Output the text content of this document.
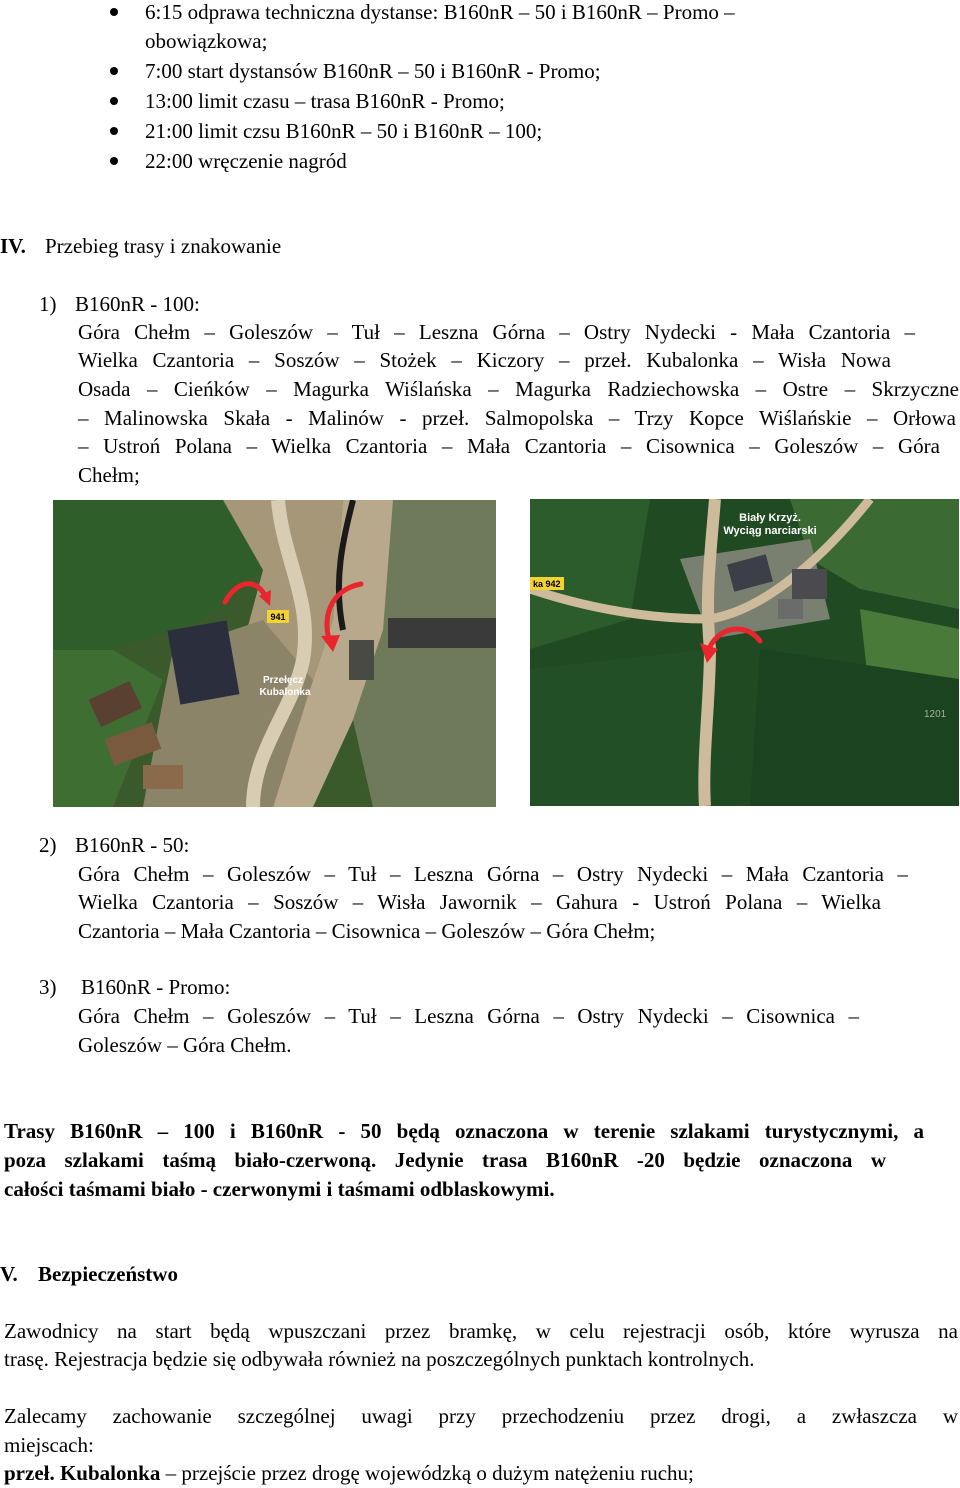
6:15 odprawa techniczna dystanse: B160nR – 50 i B160nR – Promo –
obowiązkowa;
7:00 start dystansów B160nR – 50 i B160nR - Promo;
13:00 limit czasu – trasa B160nR - Promo;
21:00 limit czsu B160nR – 50 i B160nR – 100;
22:00 wręczenie nagród
IV. Przebieg trasy i znakowanie
1) B160nR - 100:
Góra Chełm – Goleszów – Tuł – Leszna Górna – Ostry Nydecki - Mała Czantoria –
Wielka Czantoria – Soszów – Stożek – Kiczory – przeł. Kubalonka – Wisła Nowa
Osada – Cieńków – Magurka Wiślańska – Magurka Radziechowska – Ostre – Skrzyczne
– Malinowska Skała - Malinów - przeł. Salmopolska – Trzy Kopce Wiślańskie – Orłowa
– Ustroń Polana – Wielka Czantoria – Mała Czantoria – Cisownica – Goleszów – Góra
Chełm;
941
Przełęcz
Kubalonka
ka 942
Biały Krzyż.
Wyciąg narciarski
1201
2) B160nR - 50:
Góra Chełm – Goleszów – Tuł – Leszna Górna – Ostry Nydecki – Mała Czantoria –
Wielka Czantoria – Soszów – Wisła Jawornik – Gahura - Ustroń Polana – Wielka
Czantoria – Mała Czantoria – Cisownica – Goleszów – Góra Chełm;
3) B160nR - Promo:
Góra Chełm – Goleszów – Tuł – Leszna Górna – Ostry Nydecki – Cisownica –
Goleszów – Góra Chełm.
Trasy B160nR – 100 i B160nR - 50 będą oznaczona w terenie szlakami turystycznymi, a
poza szlakami taśmą biało-czerwoną. Jedynie trasa B160nR -20 będzie oznaczona w
całości taśmami biało - czerwonymi i taśmami odblaskowymi.
V. Bezpieczeństwo
Zawodnicy na start będą wpuszczani przez bramkę, w celu rejestracji osób, które wyrusza na
trasę. Rejestracja będzie się odbywała również na poszczególnych punktach kontrolnych.
Zalecamy zachowanie szczególnej uwagi przy przechodzeniu przez drogi, a zwłaszcza w
miejscach:
przeł. Kubalonka – przejście przez drogę wojewódzką o dużym natężeniu ruchu;
